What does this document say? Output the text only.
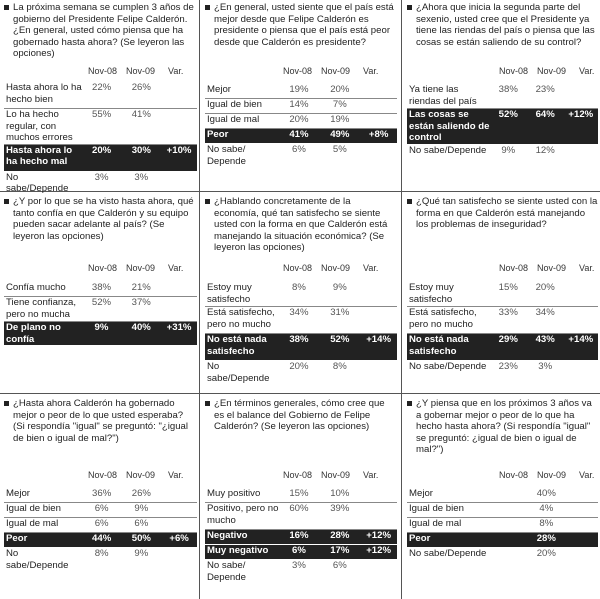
La próxima semana se cumplen 3 años de gobierno del Presidente Felipe Calderón. ¿En general, usted cómo piensa que ha gobernado hasta ahora? (Se leyeron las opciones)
Nov-08 Nov-09 Var.
Hasta ahora lo ha hecho bien	22%	26%	
Lo ha hecho regular, con muchos errores	55%	41%	
Hasta ahora lo ha hecho mal	20%	30%	+10%
No sabe/Depende	3%	3%	
¿En general, usted siente que el país está mejor desde que Felipe Calderón es presidente o piensa que el país está peor desde que Calderón es presidente?
Nov-08 Nov-09 Var.
Mejor	19%	20%	
Igual de bien	14%	7%	
Igual de mal	20%	19%	
Peor	41%	49%	+8%
No sabe/ Depende	6%	5%	
¿Ahora que inicia la segunda parte del sexenio, usted cree que el Presidente ya tiene las riendas del país o piensa que las cosas se están saliendo de su control?
Nov-08 Nov-09 Var.
Ya tiene las riendas del país	38%	23%	
Las cosas se están saliendo de control	52%	64%	+12%
No sabe/Depende	9%	12%	
¿Y por lo que se ha visto hasta ahora, qué tanto confía en que Calderón y su equipo pueden sacar adelante al país? (Se leyeron las opciones)
Nov-08 Nov-09 Var.
Confía mucho	38%	21%	
Tiene confianza, pero no mucha	52%	37%	
De plano no confía	9%	40%	+31%
¿Hablando concretamente de la economía, qué tan satisfecho se siente usted con la forma en que Calderón está manejando la situación económica? (Se leyeron las opciones)
Nov-08 Nov-09 Var.
Estoy muy satisfecho	8%	9%	
Está satisfecho, pero no mucho	34%	31%	
No está nada satisfecho	38%	52%	+14%
No sabe/Depende	20%	8%	
¿Qué tan satisfecho se siente usted con la forma en que Calderón está manejando los problemas de inseguridad?
Nov-08 Nov-09 Var.
Estoy muy satisfecho	15%	20%	
Está satisfecho, pero no mucho	33%	34%	
No está nada satisfecho	29%	43%	+14%
No sabe/Depende	23%	3%	
¿Hasta ahora Calderón ha gobernado mejor o peor de lo que usted esperaba? (Si respondía "igual" se preguntó: "¿igual de bien o igual de mal?")
Nov-08 Nov-09 Var.
Mejor	36%	26%	
Igual de bien	6%	9%	
Igual de mal	6%	6%	
Peor	44%	50%	+6%
No sabe/Depende	8%	9%	
¿En términos generales, cómo cree que es el balance del Gobierno de Felipe Calderón? (Se leyeron las opciones)
Nov-08 Nov-09 Var.
Muy positivo	15%	10%	
Positivo, pero no mucho	60%	39%	
Negativo	16%	28%	+12%
Muy negativo	6%	17%	+12%
No sabe/ Depende	3%	6%	
¿Y piensa que en los próximos 3 años va a gobernar mejor o peor de lo que ha hecho hasta ahora? (Si respondía "igual" se preguntó: ¿igual de bien o igual de mal?")
Nov-08 Nov-09 Var.
Mejor		40%	
Igual de bien		4%	
Igual de mal		8%	
Peor		28%	
No sabe/Depende		20%	
